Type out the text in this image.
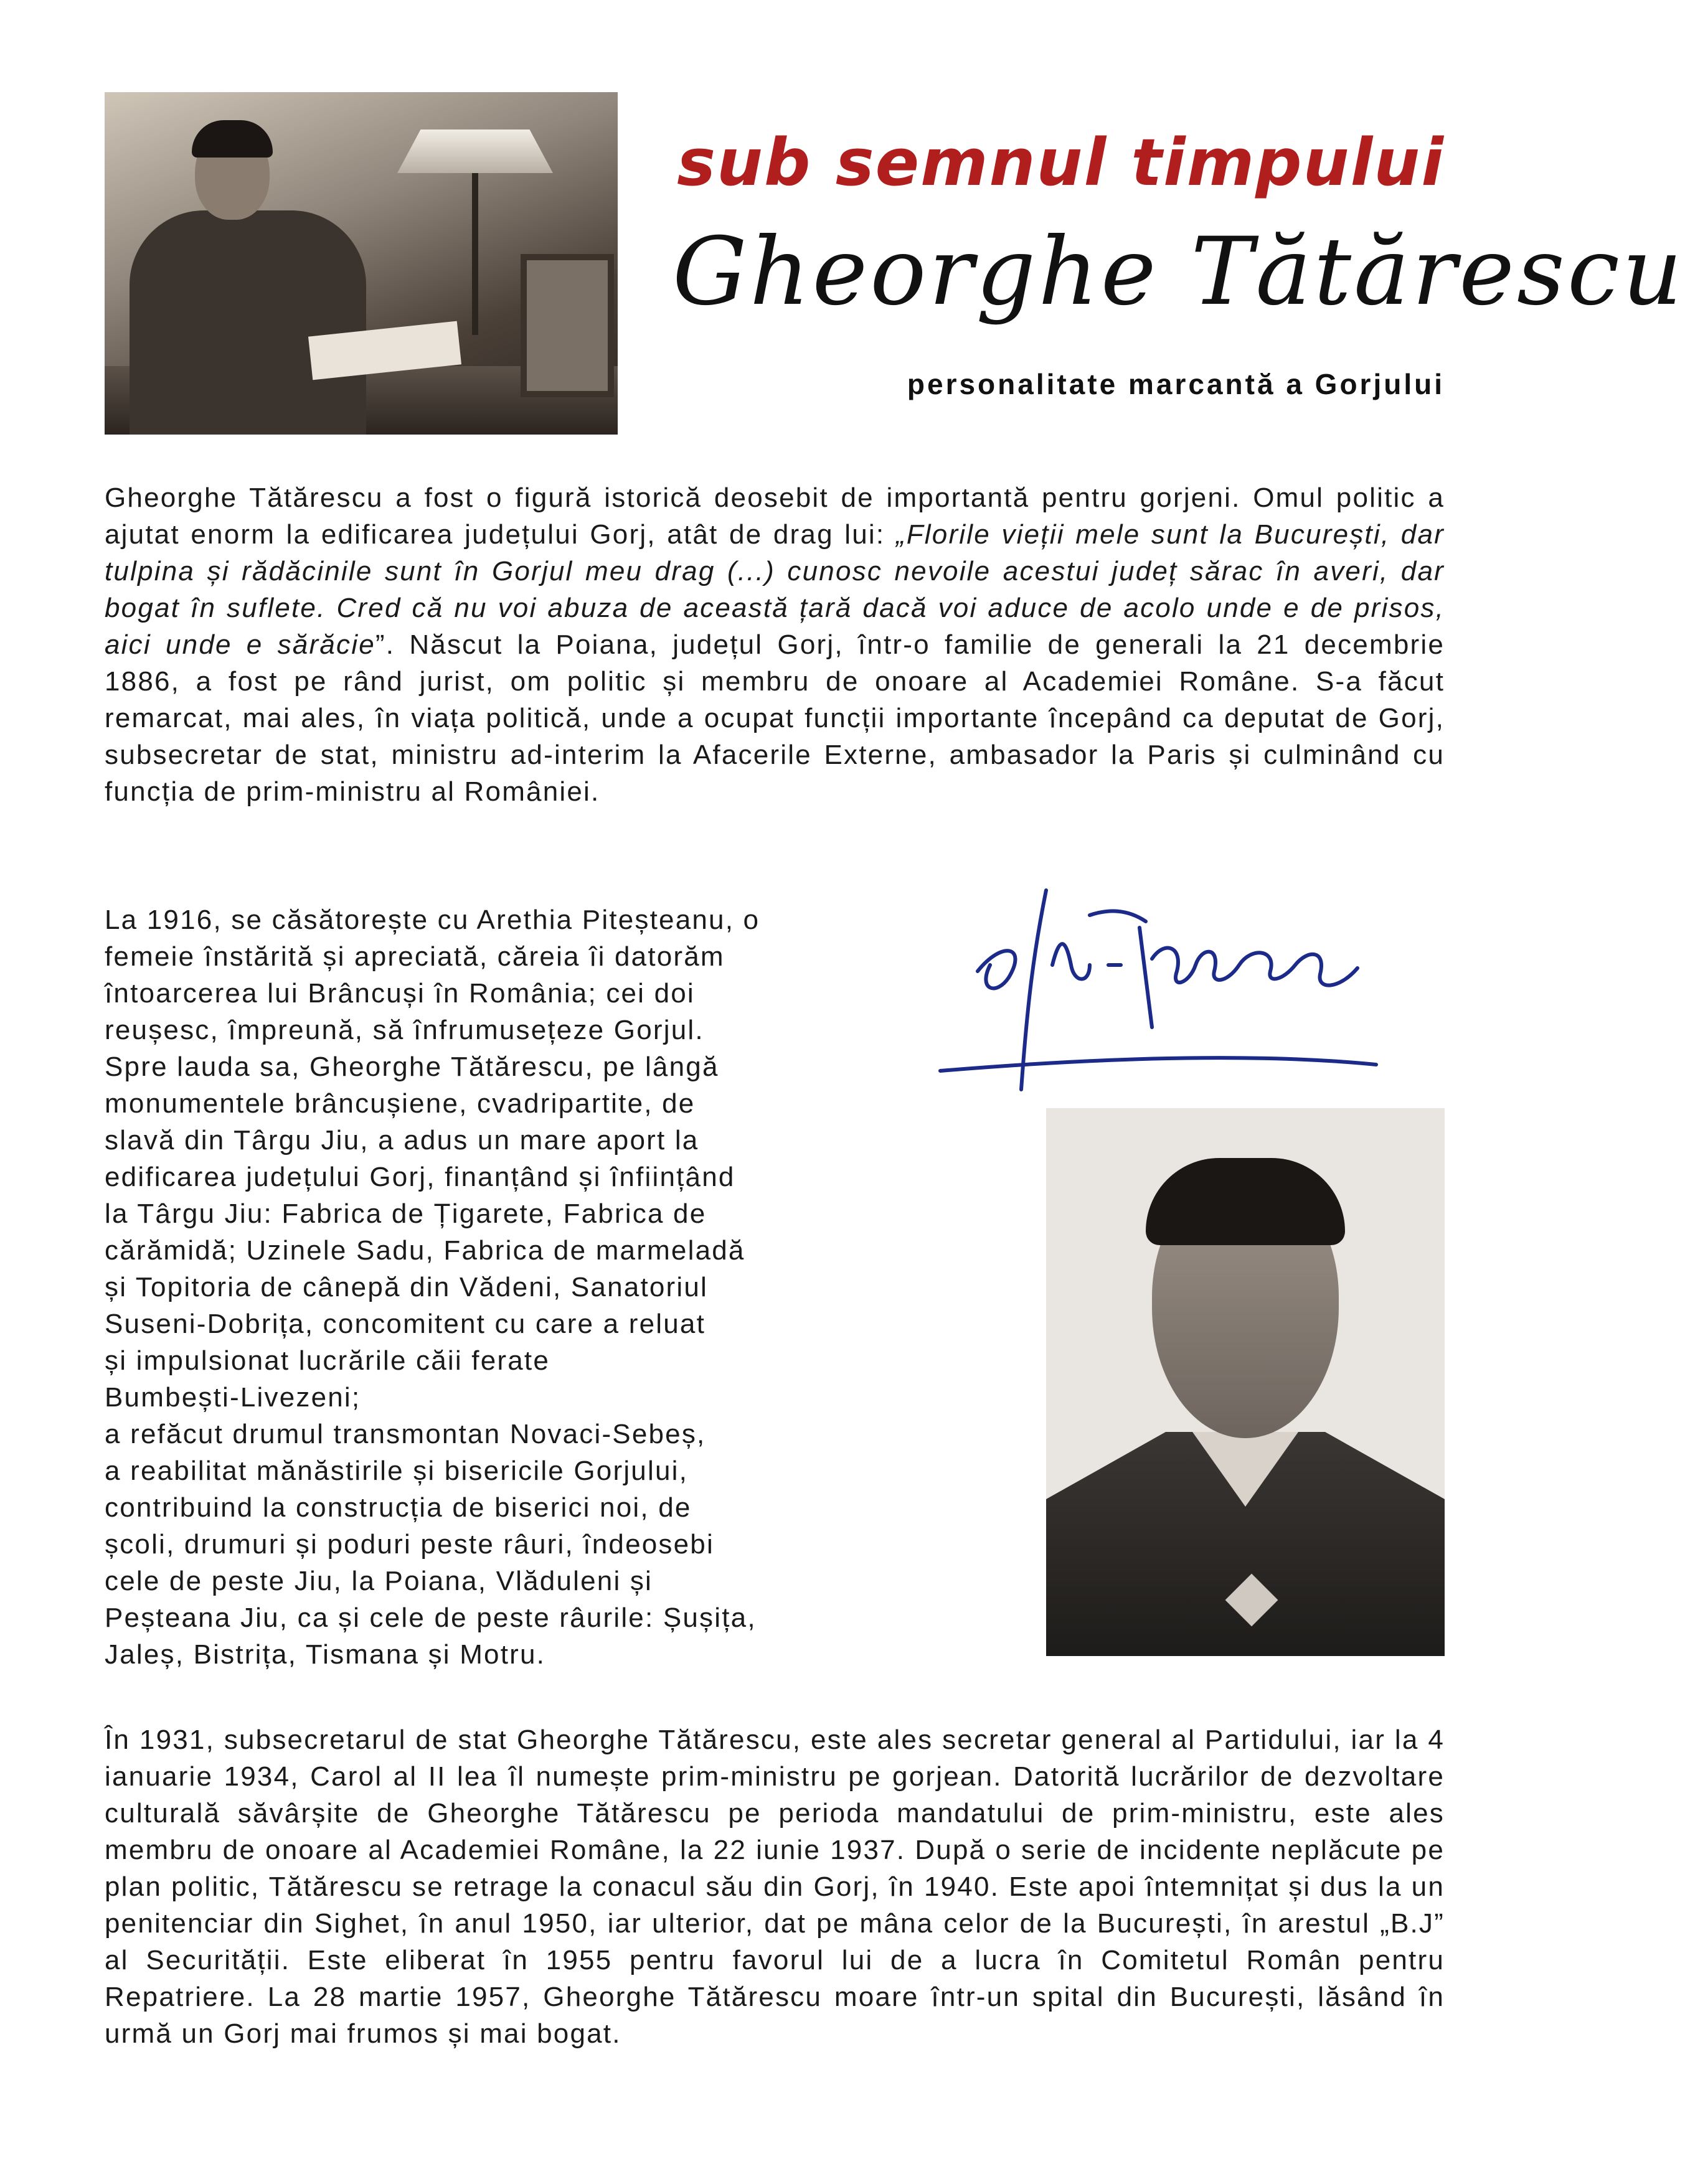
sub semnul timpului
Gheorghe Tătărescu
personalitate marcantă a Gorjului

Gheorghe Tătărescu a fost o figură istorică deosebit de importantă pentru gorjeni. Omul politic a ajutat enorm la edificarea județului Gorj, atât de drag lui: „Florile vieții mele sunt la București, dar tulpina și rădăcinile sunt în Gorjul meu drag (...) cunosc nevoile acestui județ sărac în averi, dar bogat în suflete. Cred că nu voi abuza de această țară dacă voi aduce de acolo unde e de prisos, aici unde e sărăcie”. Născut la Poiana, județul Gorj, într-o familie de generali la 21 decembrie 1886, a fost pe rând jurist, om politic și membru de onoare al Academiei Române. S-a făcut remarcat, mai ales, în viața politică, unde a ocupat funcții importante începând ca deputat de Gorj, subsecretar de stat, ministru ad-interim la Afacerile Externe, ambasador la Paris și culminând cu funcția de prim-ministru al României.

La 1916, se căsătorește cu Arethia Piteșteanu, o
femeie înstărită și apreciată, căreia îi datorăm
întoarcerea lui Brâncuși în România; cei doi
reușesc, împreună, să înfrumusețeze Gorjul.
Spre lauda sa, Gheorghe Tătărescu, pe lângă
monumentele brâncușiene, cvadripartite, de
slavă din Târgu Jiu, a adus un mare aport la
edificarea județului Gorj, finanțând și înființând
la Târgu Jiu: Fabrica de Țigarete, Fabrica de
cărămidă; Uzinele Sadu, Fabrica de marmeladă
și Topitoria de cânepă din Vădeni, Sanatoriul
Suseni-Dobrița, concomitent cu care a reluat
și impulsionat lucrările căii ferate
Bumbești-Livezeni;
a refăcut drumul transmontan Novaci-Sebeș,
a reabilitat mănăstirile și bisericile Gorjului,
contribuind la construcția de biserici noi, de
școli, drumuri și poduri peste râuri, îndeosebi
cele de peste Jiu, la Poiana, Vlăduleni și
Peșteana Jiu, ca și cele de peste râurile: Șușița,
Jaleș, Bistrița, Tismana și Motru.

În 1931, subsecretarul de stat Gheorghe Tătărescu, este ales secretar general al Partidului, iar la 4 ianuarie 1934, Carol al II lea îl numește prim-ministru pe gorjean. Datorită lucrărilor de dezvoltare culturală săvârșite de Gheorghe Tătărescu pe perioda mandatului de prim-ministru, este ales membru de onoare al Academiei Române, la 22 iunie 1937. După o serie de incidente neplăcute pe plan politic, Tătărescu se retrage la conacul său din Gorj, în 1940. Este apoi întemnițat și dus la un penitenciar din Sighet, în anul 1950, iar ulterior, dat pe mâna celor de la București, în arestul „B.J” al Securității. Este eliberat în 1955 pentru favorul lui de a lucra în Comitetul Român pentru Repatriere. La 28 martie 1957, Gheorghe Tătărescu moare într-un spital din București, lăsând în urmă un Gorj mai frumos și mai bogat.
